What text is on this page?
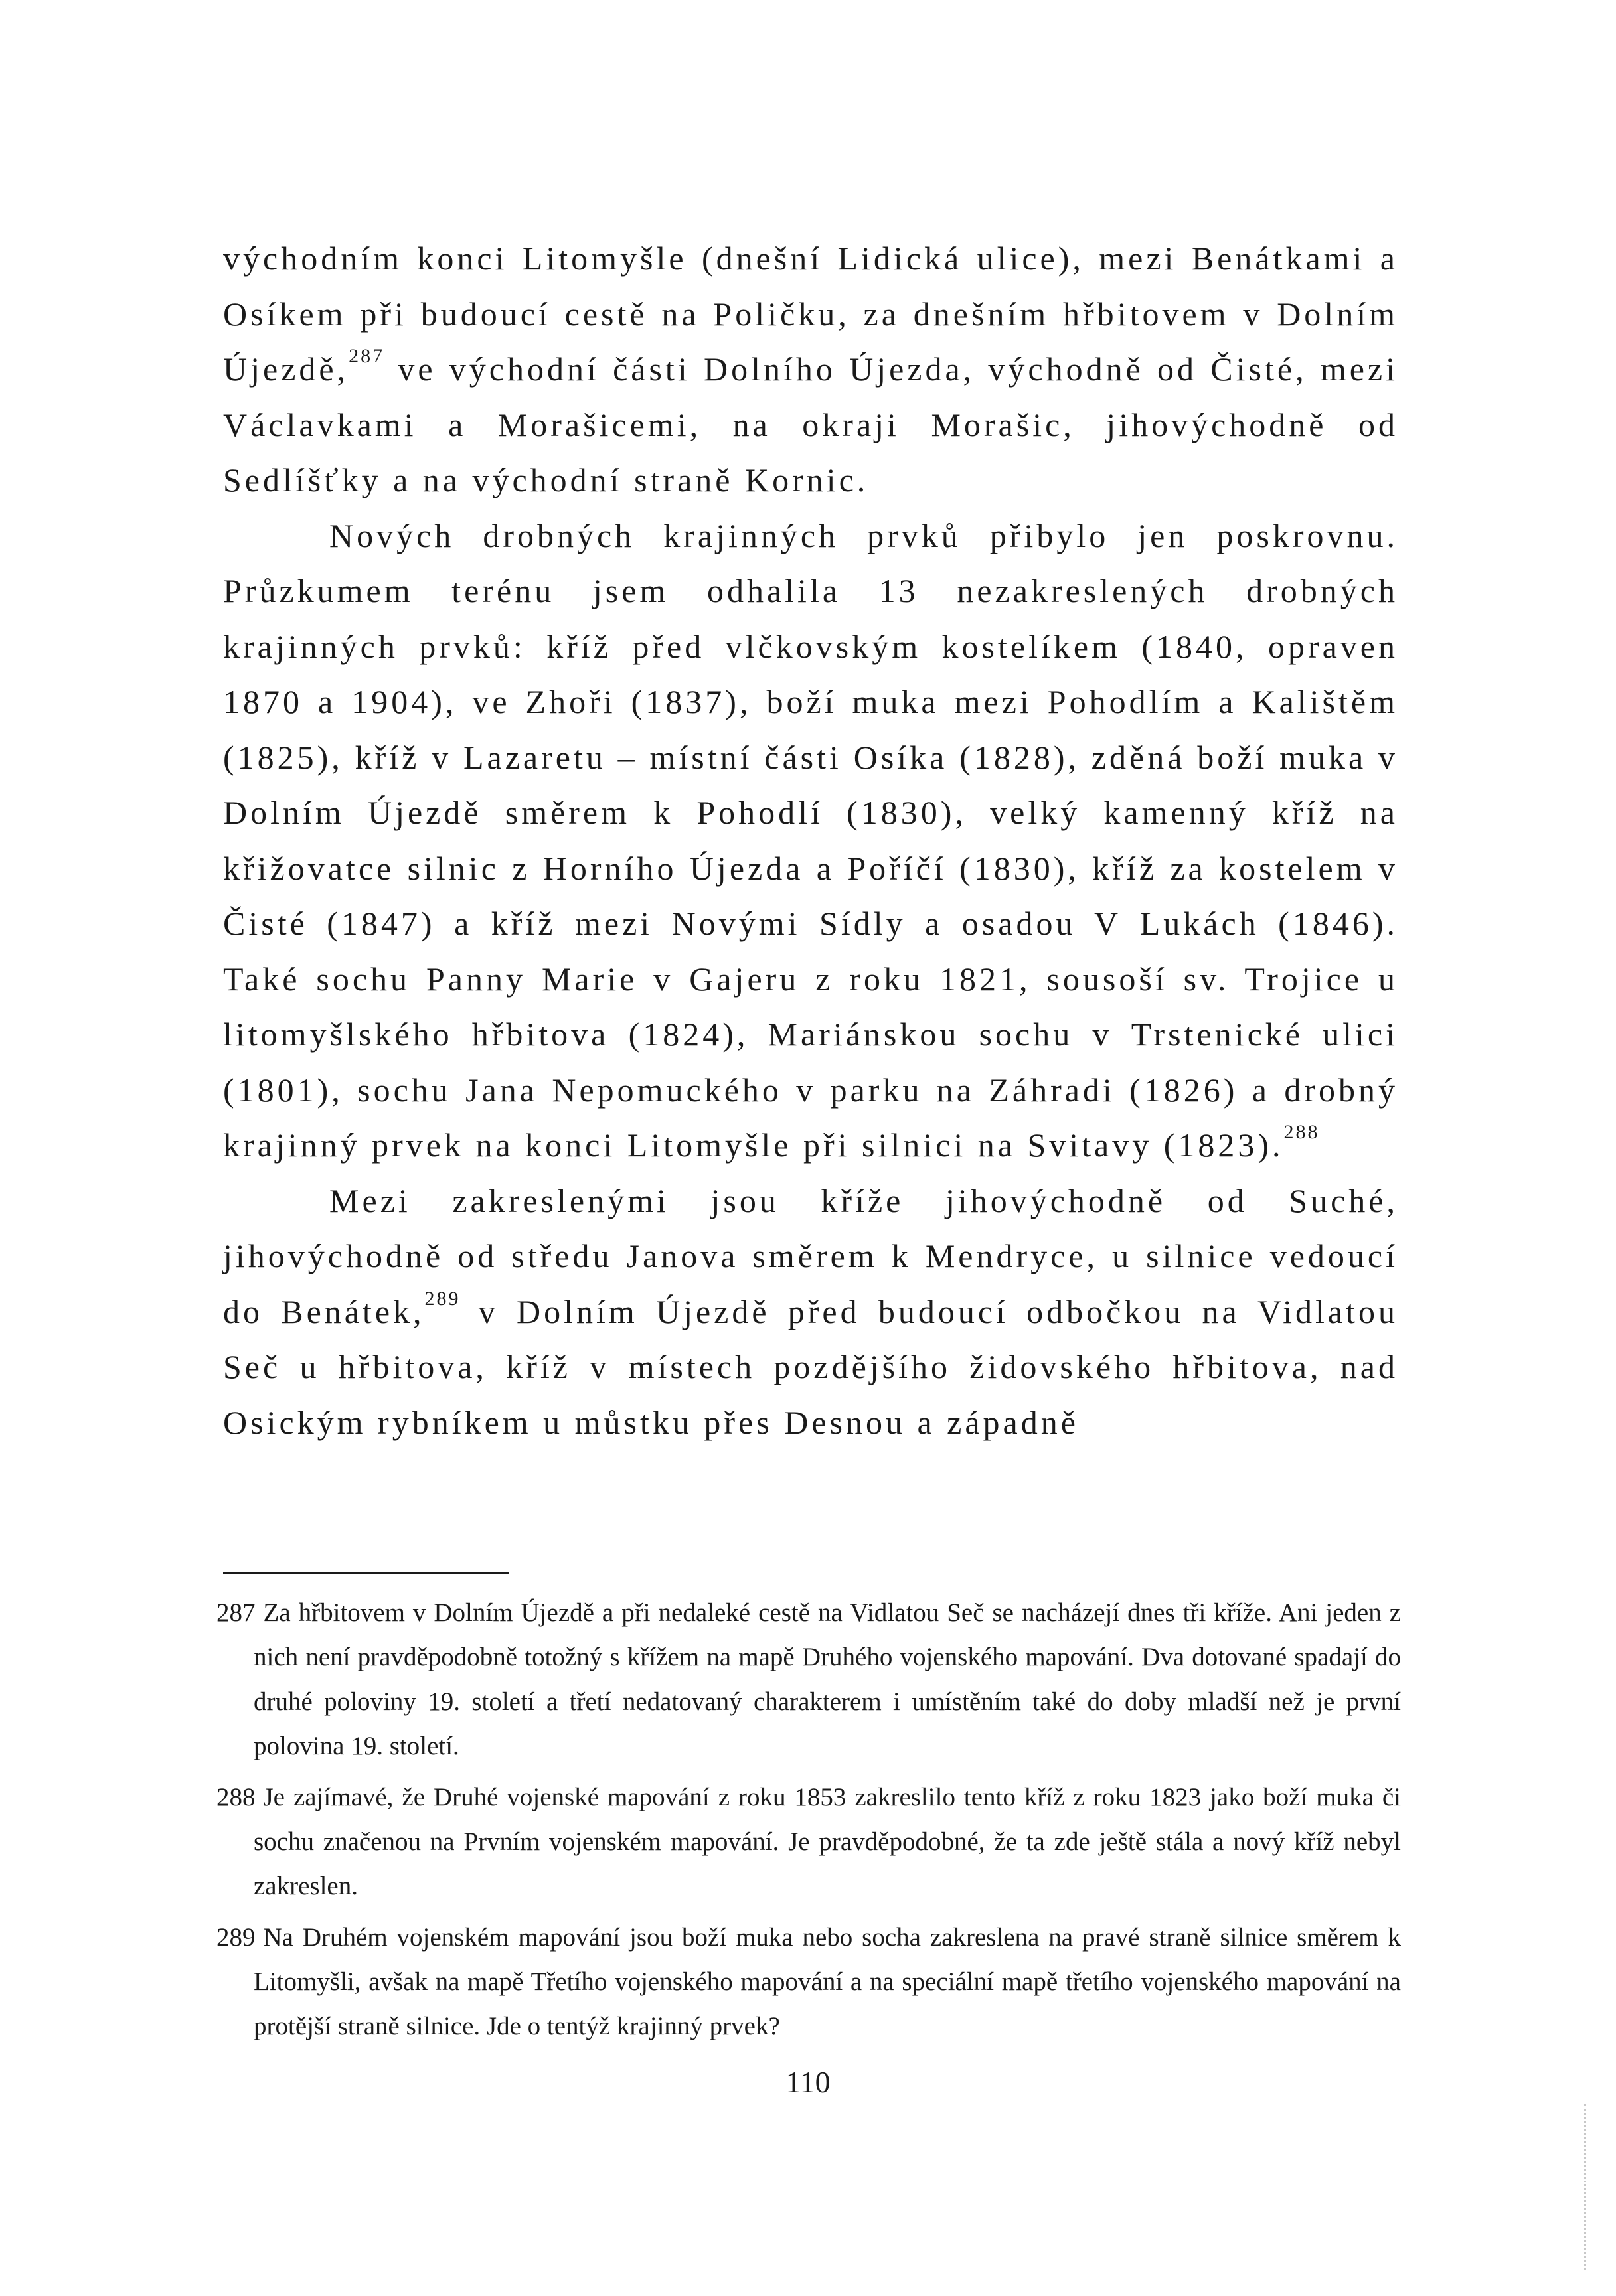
východním konci Litomyšle (dnešní Lidická ulice), mezi Benátkami a Osíkem při budoucí cestě na Poličku, za dnešním hřbitovem v Dolním Újezdě,$^{287}$ ve východní části Dolního Újezda, východně od Čisté, mezi Václavkami a Morašicemi, na okraji Morašic, jihovýchodně od Sedlíšťky a na východní straně Kornic.

Nových drobných krajinných prvků přibylo jen poskrovnu. Průzkumem terénu jsem odhalila 13 nezakreslených drobných krajinných prvků: kříž před vlčkovským kostelíkem (1840, opraven 1870 a 1904), ve Zhoři (1837), boží muka mezi Pohodlím a Kalištěm (1825), kříž v Lazaretu – místní části Osíka (1828), zděná boží muka v Dolním Újezdě směrem k Pohodlí (1830), velký kamenný kříž na křižovatce silnic z Horního Újezda a Poříčí (1830), kříž za kostelem v Čisté (1847) a kříž mezi Novými Sídly a osadou V Lukách (1846). Také sochu Panny Marie v Gajeru z roku 1821, sousoší sv. Trojice u litomyšlského hřbitova (1824), Mariánskou sochu v Trstenické ulici (1801), sochu Jana Nepomuckého v parku na Záhradi (1826) a drobný krajinný prvek na konci Litomyšle při silnici na Svitavy (1823).$^{288}$

Mezi zakreslenými jsou kříže jihovýchodně od Suché, jihovýchodně od středu Janova směrem k Mendryce, u silnice vedoucí do Benátek,$^{289}$ v Dolním Újezdě před budoucí odbočkou na Vidlatou Seč u hřbitova, kříž v místech pozdějšího židovského hřbitova, nad Osickým rybníkem u můstku přes Desnou a západně

287 Za hřbitovem v Dolním Újezdě a při nedaleké cestě na Vidlatou Seč se nacházejí dnes tři kříže. Ani jeden z nich není pravděpodobně totožný s křížem na mapě Druhého vojenského mapování. Dva dotované spadají do druhé poloviny 19. století a třetí nedatovaný charakterem i umístěním také do doby mladší než je první polovina 19. století.

288 Je zajímavé, že Druhé vojenské mapování z roku 1853 zakreslilo tento kříž z roku 1823 jako boží muka či sochu značenou na Prvním vojenském mapování. Je pravděpodobné, že ta zde ještě stála a nový kříž nebyl zakreslen.

289 Na Druhém vojenském mapování jsou boží muka nebo socha zakreslena na pravé straně silnice směrem k Litomyšli, avšak na mapě Třetího vojenského mapování a na speciální mapě třetího vojenského mapování na protější straně silnice. Jde o tentýž krajinný prvek?

110
